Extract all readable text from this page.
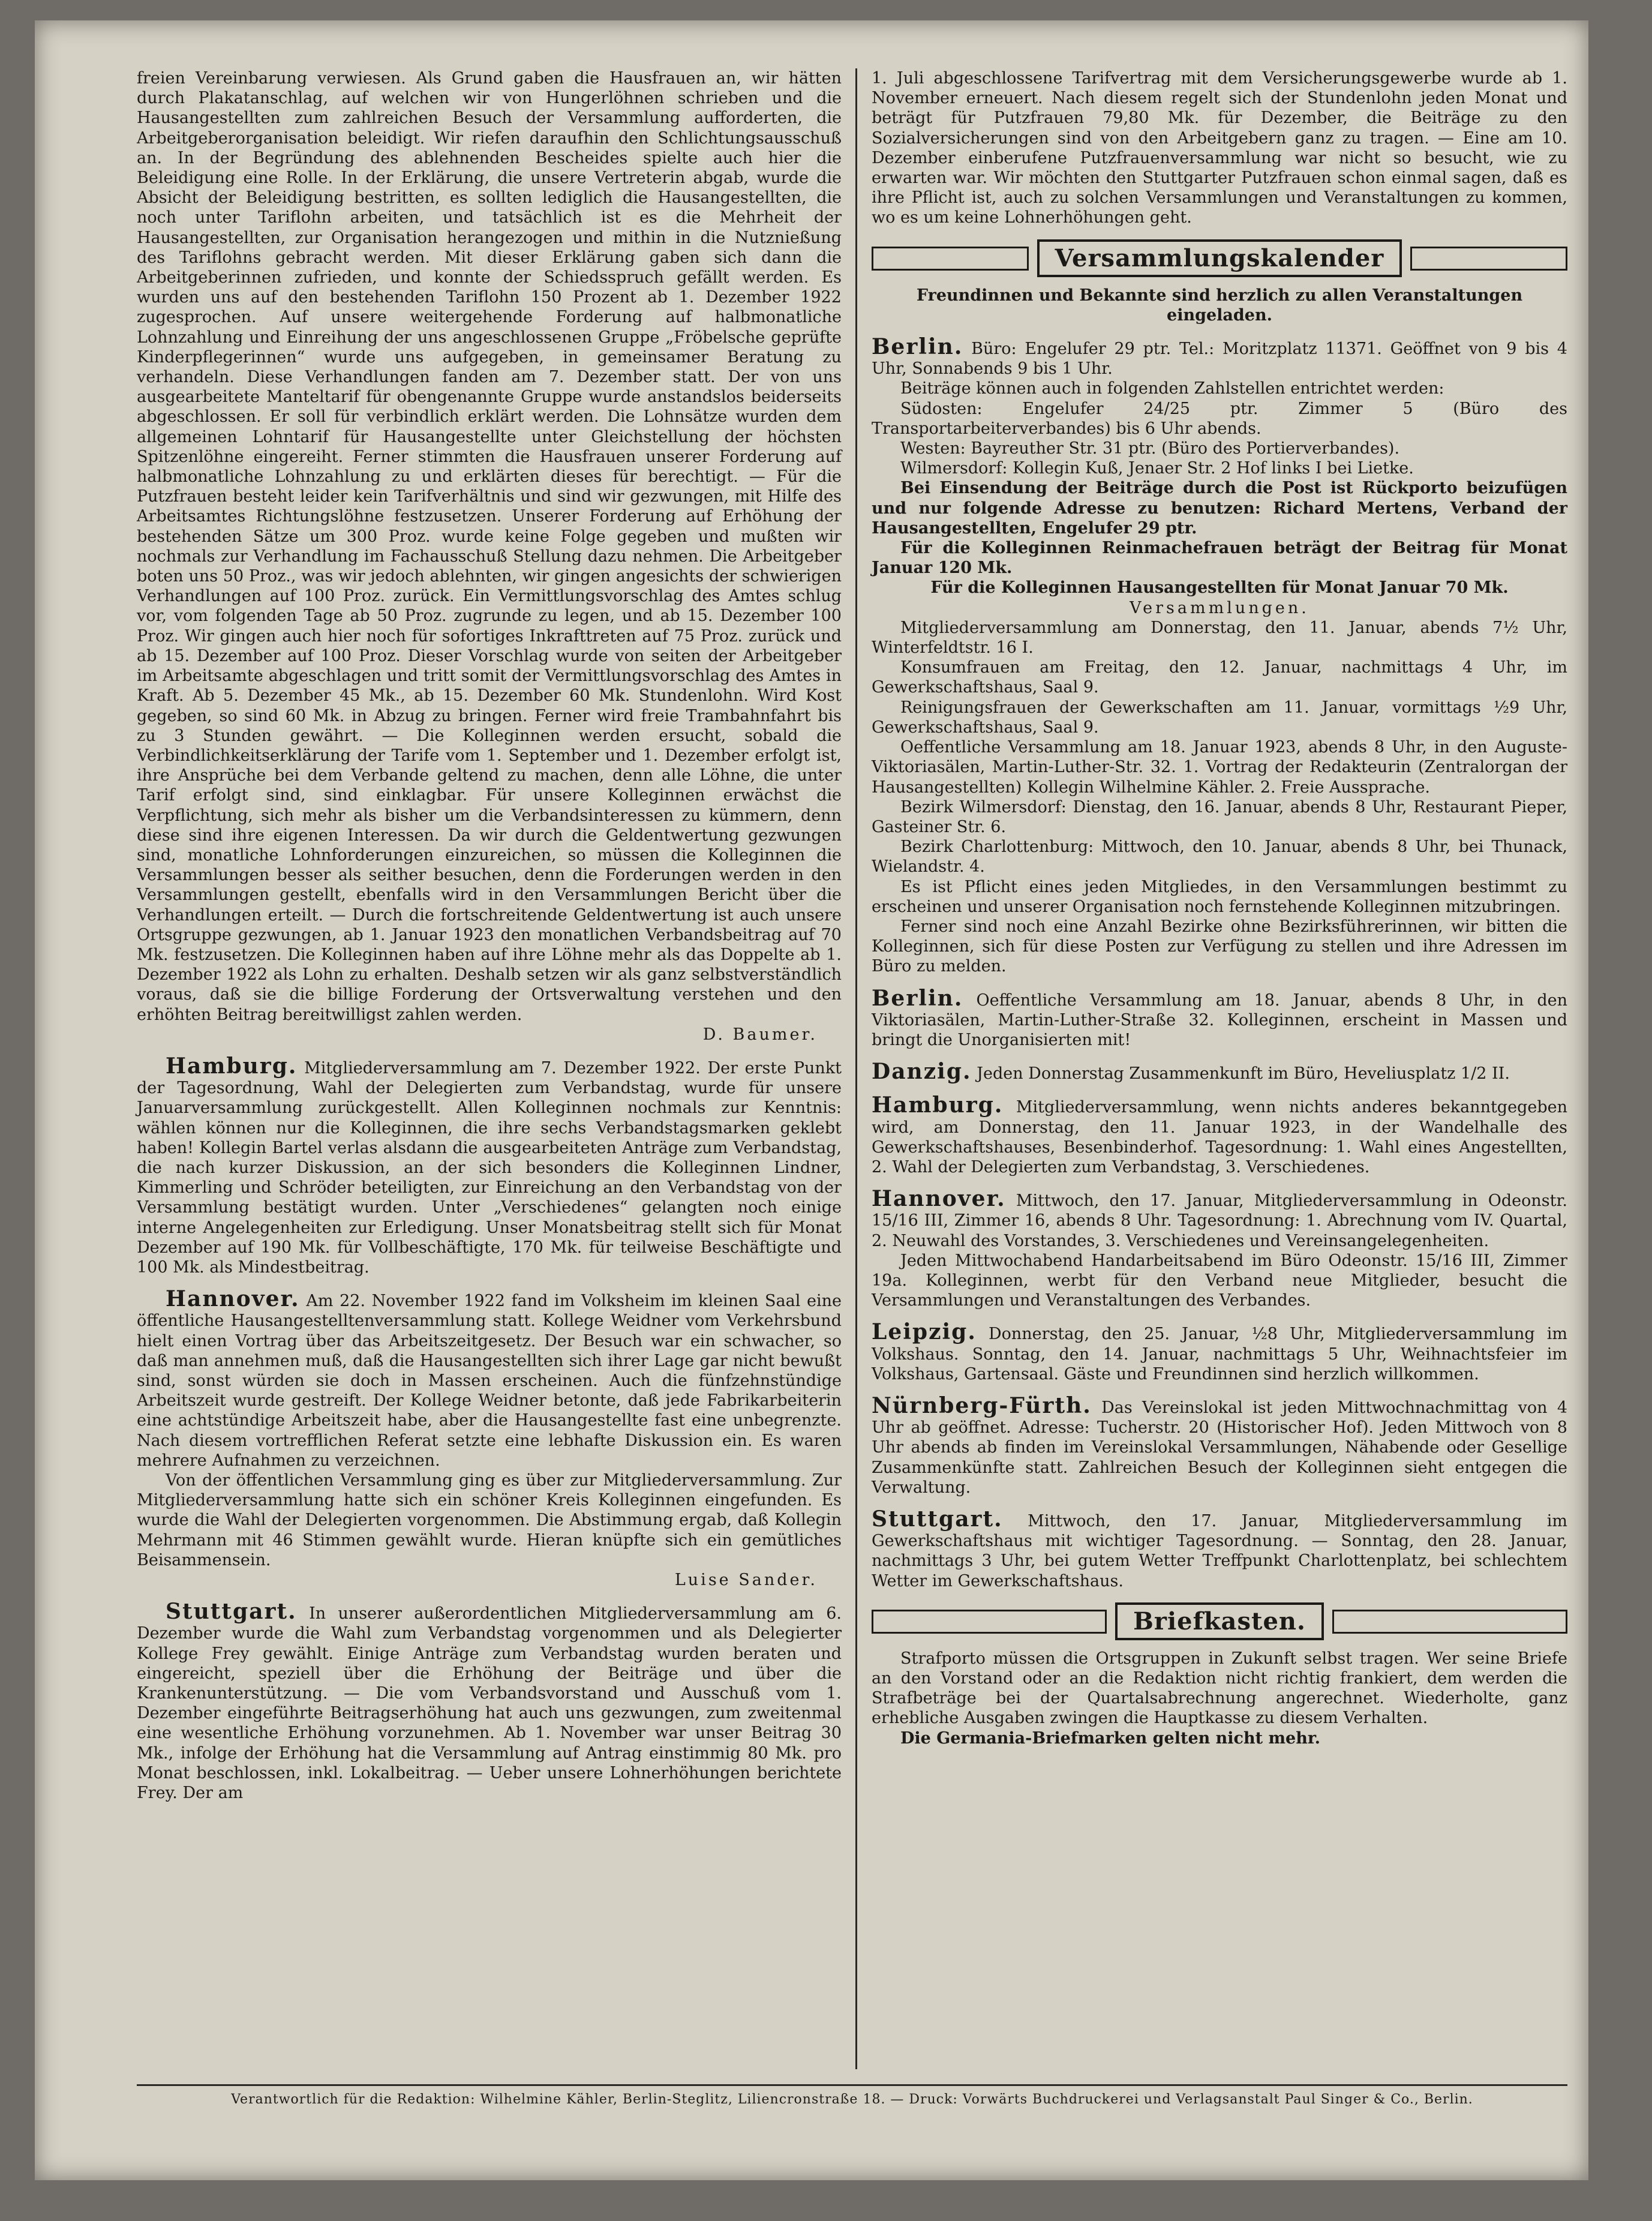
freien Vereinbarung verwiesen. Als Grund gaben die Hausfrauen an, wir hätten durch Plakatanschlag, auf welchen wir von Hungerlöhnen schrieben und die Hausangestellten zum zahlreichen Besuch der Versammlung aufforderten, die Arbeitgeberorganisation beleidigt. Wir riefen daraufhin den Schlichtungsausschuß an. In der Begründung des ablehnenden Bescheides spielte auch hier die Beleidigung eine Rolle. In der Erklärung, die unsere Vertreterin abgab, wurde die Absicht der Beleidigung bestritten, es sollten lediglich die Hausangestellten, die noch unter Tariflohn arbeiten, und tatsächlich ist es die Mehrheit der Hausangestellten, zur Organisation herangezogen und mithin in die Nutznießung des Tariflohns gebracht werden. Mit dieser Erklärung gaben sich dann die Arbeitgeberinnen zufrieden, und konnte der Schiedsspruch gefällt werden. Es wurden uns auf den bestehenden Tariflohn 150 Prozent ab 1. Dezember 1922 zugesprochen. Auf unsere weitergehende Forderung auf halbmonatliche Lohnzahlung und Einreihung der uns angeschlossenen Gruppe „Fröbelsche geprüfte Kinderpflegerinnen“ wurde uns aufgegeben, in gemeinsamer Beratung zu verhandeln. Diese Verhandlungen fanden am 7. Dezember statt. Der von uns ausgearbeitete Manteltarif für obengenannte Gruppe wurde anstandslos beiderseits abgeschlossen. Er soll für verbindlich erklärt werden. Die Lohnsätze wurden dem allgemeinen Lohntarif für Hausangestellte unter Gleichstellung der höchsten Spitzenlöhne eingereiht. Ferner stimmten die Hausfrauen unserer Forderung auf halbmonatliche Lohnzahlung zu und erklärten dieses für berechtigt. — Für die Putzfrauen besteht leider kein Tarifverhältnis und sind wir gezwungen, mit Hilfe des Arbeitsamtes Richtungslöhne festzusetzen. Unserer Forderung auf Erhöhung der bestehenden Sätze um 300 Proz. wurde keine Folge gegeben und mußten wir nochmals zur Verhandlung im Fachausschuß Stellung dazu nehmen. Die Arbeitgeber boten uns 50 Proz., was wir jedoch ablehnten, wir gingen angesichts der schwierigen Verhandlungen auf 100 Proz. zurück. Ein Vermittlungsvorschlag des Amtes schlug vor, vom folgenden Tage ab 50 Proz. zugrunde zu legen, und ab 15. Dezember 100 Proz. Wir gingen auch hier noch für sofortiges Inkrafttreten auf 75 Proz. zurück und ab 15. Dezember auf 100 Proz. Dieser Vorschlag wurde von seiten der Arbeitgeber im Arbeitsamte abgeschlagen und tritt somit der Vermittlungsvorschlag des Amtes in Kraft. Ab 5. Dezember 45 Mk., ab 15. Dezember 60 Mk. Stundenlohn. Wird Kost gegeben, so sind 60 Mk. in Abzug zu bringen. Ferner wird freie Trambahnfahrt bis zu 3 Stunden gewährt. — Die Kolleginnen werden ersucht, sobald die Verbindlichkeitserklärung der Tarife vom 1. September und 1. Dezember erfolgt ist, ihre Ansprüche bei dem Verbande geltend zu machen, denn alle Löhne, die unter Tarif erfolgt sind, sind einklagbar. Für unsere Kolleginnen erwächst die Verpflichtung, sich mehr als bisher um die Verbandsinteressen zu kümmern, denn diese sind ihre eigenen Interessen. Da wir durch die Geldentwertung gezwungen sind, monatliche Lohnforderungen einzureichen, so müssen die Kolleginnen die Versammlungen besser als seither besuchen, denn die Forderungen werden in den Versammlungen gestellt, ebenfalls wird in den Versammlungen Bericht über die Verhandlungen erteilt. — Durch die fortschreitende Geldentwertung ist auch unsere Ortsgruppe gezwungen, ab 1. Januar 1923 den monatlichen Verbandsbeitrag auf 70 Mk. festzusetzen. Die Kolleginnen haben auf ihre Löhne mehr als das Doppelte ab 1. Dezember 1922 als Lohn zu erhalten. Deshalb setzen wir als ganz selbstverständlich voraus, daß sie die billige Forderung der Ortsverwaltung verstehen und den erhöhten Beitrag bereitwilligst zahlen werden.

D. Baumer.

Hamburg. Mitgliederversammlung am 7. Dezember 1922. Der erste Punkt der Tagesordnung, Wahl der Delegierten zum Verbandstag, wurde für unsere Januarversammlung zurückgestellt. Allen Kolleginnen nochmals zur Kenntnis: wählen können nur die Kolleginnen, die ihre sechs Verbandstagsmarken geklebt haben! Kollegin Bartel verlas alsdann die ausgearbeiteten Anträge zum Verbandstag, die nach kurzer Diskussion, an der sich besonders die Kolleginnen Lindner, Kimmerling und Schröder beteiligten, zur Einreichung an den Verbandstag von der Versammlung bestätigt wurden. Unter „Verschiedenes“ gelangten noch einige interne Angelegenheiten zur Erledigung. Unser Monatsbeitrag stellt sich für Monat Dezember auf 190 Mk. für Vollbeschäftigte, 170 Mk. für teilweise Beschäftigte und 100 Mk. als Mindestbeitrag.

Hannover. Am 22. November 1922 fand im Volksheim im kleinen Saal eine öffentliche Hausangestelltenversammlung statt. Kollege Weidner vom Verkehrsbund hielt einen Vortrag über das Arbeitszeitgesetz. Der Besuch war ein schwacher, so daß man annehmen muß, daß die Hausangestellten sich ihrer Lage gar nicht bewußt sind, sonst würden sie doch in Massen erscheinen. Auch die fünfzehnstündige Arbeitszeit wurde gestreift. Der Kollege Weidner betonte, daß jede Fabrikarbeiterin eine achtstündige Arbeitszeit habe, aber die Hausangestellte fast eine unbegrenzte. Nach diesem vortrefflichen Referat setzte eine lebhafte Diskussion ein. Es waren mehrere Aufnahmen zu verzeichnen.

Von der öffentlichen Versammlung ging es über zur Mitgliederversammlung. Zur Mitgliederversammlung hatte sich ein schöner Kreis Kolleginnen eingefunden. Es wurde die Wahl der Delegierten vorgenommen. Die Abstimmung ergab, daß Kollegin Mehrmann mit 46 Stimmen gewählt wurde. Hieran knüpfte sich ein gemütliches Beisammensein.

Luise Sander.

Stuttgart. In unserer außerordentlichen Mitgliederversammlung am 6. Dezember wurde die Wahl zum Verbandstag vorgenommen und als Delegierter Kollege Frey gewählt. Einige Anträge zum Verbandstag wurden beraten und eingereicht, speziell über die Erhöhung der Beiträge und über die Krankenunterstützung. — Die vom Verbandsvorstand und Ausschuß vom 1. Dezember eingeführte Beitragserhöhung hat auch uns gezwungen, zum zweitenmal eine wesentliche Erhöhung vorzunehmen. Ab 1. November war unser Beitrag 30 Mk., infolge der Erhöhung hat die Versammlung auf Antrag einstimmig 80 Mk. pro Monat beschlossen, inkl. Lokalbeitrag. — Ueber unsere Lohnerhöhungen berichtete Frey. Der am

1. Juli abgeschlossene Tarifvertrag mit dem Versicherungsgewerbe wurde ab 1. November erneuert. Nach diesem regelt sich der Stundenlohn jeden Monat und beträgt für Putzfrauen 79,80 Mk. für Dezember, die Beiträge zu den Sozialversicherungen sind von den Arbeitgebern ganz zu tragen. — Eine am 10. Dezember einberufene Putzfrauenversammlung war nicht so besucht, wie zu erwarten war. Wir möchten den Stuttgarter Putzfrauen schon einmal sagen, daß es ihre Pflicht ist, auch zu solchen Versammlungen und Veranstaltungen zu kommen, wo es um keine Lohnerhöhungen geht.

Versammlungskalender

Freundinnen und Bekannte sind herzlich zu allen Veranstaltungen eingeladen.

Berlin. Büro: Engelufer 29 ptr. Tel.: Moritzplatz 11371. Geöffnet von 9 bis 4 Uhr, Sonnabends 9 bis 1 Uhr.

Beiträge können auch in folgenden Zahlstellen entrichtet werden:

Südosten: Engelufer 24/25 ptr. Zimmer 5 (Büro des Transportarbeiterverbandes) bis 6 Uhr abends.

Westen: Bayreuther Str. 31 ptr. (Büro des Portierverbandes).

Wilmersdorf: Kollegin Kuß, Jenaer Str. 2 Hof links I bei Lietke.

Bei Einsendung der Beiträge durch die Post ist Rückporto beizufügen und nur folgende Adresse zu benutzen: Richard Mertens, Verband der Hausangestellten, Engelufer 29 ptr.

Für die Kolleginnen Reinmachefrauen beträgt der Beitrag für Monat Januar 120 Mk.

Für die Kolleginnen Hausangestellten für Monat Januar 70 Mk.

Versammlungen.

Mitgliederversammlung am Donnerstag, den 11. Januar, abends 7½ Uhr, Winterfeldtstr. 16 I.

Konsumfrauen am Freitag, den 12. Januar, nachmittags 4 Uhr, im Gewerkschaftshaus, Saal 9.

Reinigungsfrauen der Gewerkschaften am 11. Januar, vormittags ½9 Uhr, Gewerkschaftshaus, Saal 9.

Oeffentliche Versammlung am 18. Januar 1923, abends 8 Uhr, in den Auguste-Viktoriasälen, Martin-Luther-Str. 32. 1. Vortrag der Redakteurin (Zentralorgan der Hausangestellten) Kollegin Wilhelmine Kähler. 2. Freie Aussprache.

Bezirk Wilmersdorf: Dienstag, den 16. Januar, abends 8 Uhr, Restaurant Pieper, Gasteiner Str. 6.

Bezirk Charlottenburg: Mittwoch, den 10. Januar, abends 8 Uhr, bei Thunack, Wielandstr. 4.

Es ist Pflicht eines jeden Mitgliedes, in den Versammlungen bestimmt zu erscheinen und unserer Organisation noch fernstehende Kolleginnen mitzubringen.

Ferner sind noch eine Anzahl Bezirke ohne Bezirksführerinnen, wir bitten die Kolleginnen, sich für diese Posten zur Verfügung zu stellen und ihre Adressen im Büro zu melden.

Berlin. Oeffentliche Versammlung am 18. Januar, abends 8 Uhr, in den Viktoriasälen, Martin-Luther-Straße 32. Kolleginnen, erscheint in Massen und bringt die Unorganisierten mit!

Danzig. Jeden Donnerstag Zusammenkunft im Büro, Heveliusplatz 1/2 II.

Hamburg. Mitgliederversammlung, wenn nichts anderes bekanntgegeben wird, am Donnerstag, den 11. Januar 1923, in der Wandelhalle des Gewerkschaftshauses, Besenbinderhof. Tagesordnung: 1. Wahl eines Angestellten, 2. Wahl der Delegierten zum Verbandstag, 3. Verschiedenes.

Hannover. Mittwoch, den 17. Januar, Mitgliederversammlung in Odeonstr. 15/16 III, Zimmer 16, abends 8 Uhr. Tagesordnung: 1. Abrechnung vom IV. Quartal, 2. Neuwahl des Vorstandes, 3. Verschiedenes und Vereinsangelegenheiten.

Jeden Mittwochabend Handarbeitsabend im Büro Odeonstr. 15/16 III, Zimmer 19a. Kolleginnen, werbt für den Verband neue Mitglieder, besucht die Versammlungen und Veranstaltungen des Verbandes.

Leipzig. Donnerstag, den 25. Januar, ½8 Uhr, Mitgliederversammlung im Volkshaus. Sonntag, den 14. Januar, nachmittags 5 Uhr, Weihnachtsfeier im Volkshaus, Gartensaal. Gäste und Freundinnen sind herzlich willkommen.

Nürnberg-Fürth. Das Vereinslokal ist jeden Mittwochnachmittag von 4 Uhr ab geöffnet. Adresse: Tucherstr. 20 (Historischer Hof). Jeden Mittwoch von 8 Uhr abends ab finden im Vereinslokal Versammlungen, Nähabende oder Gesellige Zusammenkünfte statt. Zahlreichen Besuch der Kolleginnen sieht entgegen die Verwaltung.

Stuttgart. Mittwoch, den 17. Januar, Mitgliederversammlung im Gewerkschaftshaus mit wichtiger Tagesordnung. — Sonntag, den 28. Januar, nachmittags 3 Uhr, bei gutem Wetter Treffpunkt Charlottenplatz, bei schlechtem Wetter im Gewerkschaftshaus.

Briefkasten.

Strafporto müssen die Ortsgruppen in Zukunft selbst tragen. Wer seine Briefe an den Vorstand oder an die Redaktion nicht richtig frankiert, dem werden die Strafbeträge bei der Quartalsabrechnung angerechnet. Wiederholte, ganz erhebliche Ausgaben zwingen die Hauptkasse zu diesem Verhalten.

Die Germania-Briefmarken gelten nicht mehr.

Verantwortlich für die Redaktion: Wilhelmine Kähler, Berlin-Steglitz, Liliencronstraße 18. — Druck: Vorwärts Buchdruckerei und Verlagsanstalt Paul Singer & Co., Berlin.
